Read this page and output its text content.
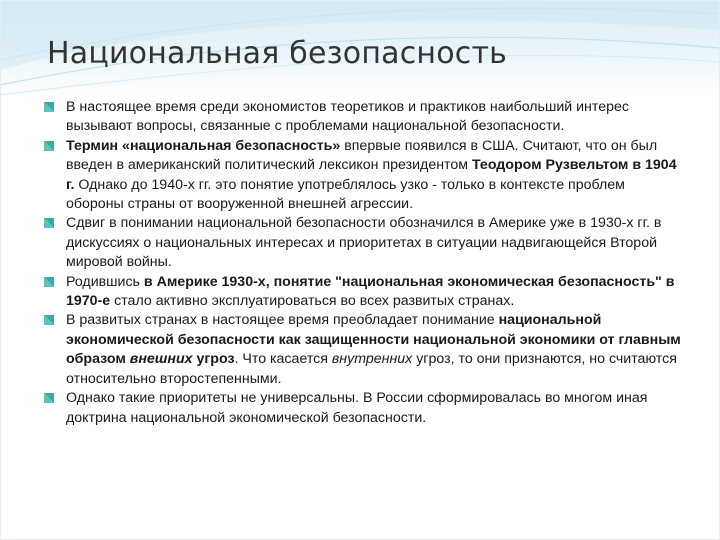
Национальная безопасность
В настоящее время среди экономистов теоретиков и практиков наибольший интерес вызывают вопросы, связанные с проблемами национальной безопасности.
Термин «национальная безопасность» впервые появился в США. Считают, что он был введен в американский политический лексикон президентом Теодором Рузвельтом в 1904 г. Однако до 1940-х гг. это понятие употреблялось узко - только в контексте проблем обороны страны от вооруженной внешней агрессии.
Сдвиг в понимании национальной безопасности обозначился в Америке уже в 1930-х гг. в дискуссиях о национальных интересах и приоритетах в ситуации надвигающейся Второй мировой войны.
Родившись в Америке 1930-х, понятие "национальная экономическая безопасность" в 1970-е стало активно эксплуатироваться во всех развитых странах.
В развитых странах в настоящее время преобладает понимание национальной экономической безопасности как защищенности национальной экономики от главным образом внешних угроз. Что касается внутренних угроз, то они признаются, но считаются относительно второстепенными.
Однако такие приоритеты не универсальны. В России сформировалась во многом иная доктрина национальной экономической безопасности.
